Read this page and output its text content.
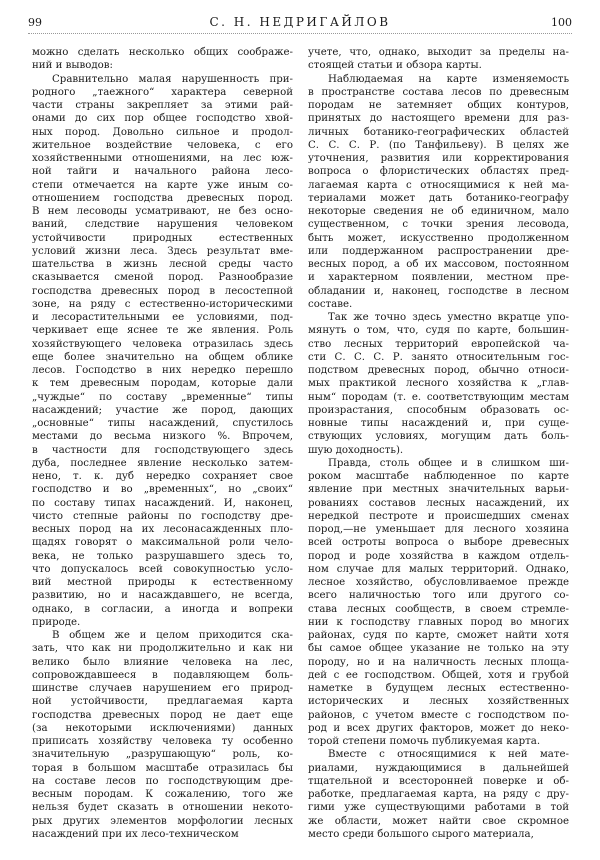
99	С. Н. НЕДРИГАЙЛОВ	100
можно сделать несколько общих соображе-
ний и выводов:
Сравнительно малая нарушенность при-
родного „таежного“ характера северной
части страны закрепляет за этими рай-
онами до сих пор общее господство хвой-
ных пород. Довольно сильное и продол-
жительное воздействие человека, с его
хозяйственными отношениями, на лес юж-
ной тайги и начального района лесо-
степи отмечается на карте уже иным со-
отношением господства древесных пород.
В нем лесоводы усматривают, не без осно-
ваний, следствие нарушения человеком
устойчивости природных естественных
условий жизни леса. Здесь результат вме-
шательства в жизнь лесной среды часто
сказывается сменой пород. Разнообразие
господства древесных пород в лесостепной
зоне, на ряду с естественно-историческими
и лесорастительными ее условиями, под-
черкивает еще яснее те же явления. Роль
хозяйствующего человека отразилась здесь
еще более значительно на общем облике
лесов. Господство в них нередко перешло
к тем древесным породам, которые дали
„чуждые“ по составу „временные“ типы
насаждений; участие же пород, дающих
„основные“ типы насаждений, спустилось
местами до весьма низкого %. Впрочем,
в частности для господствующего здесь
дуба, последнее явление несколько затем-
нено, т. к. дуб нередко сохраняет свое
господство и во „временных“, но „своих“
по составу типах насаждений. И, наконец,
чисто степные районы по господству дре-
весных пород на их лесонасажденных пло-
щадях говорят о максимальной роли чело-
века, не только разрушавшего здесь то,
что допускалось всей совокупностью усло-
вий местной природы к естественному
развитию, но и насаждавшего, не всегда,
однако, в согласии, а иногда и вопреки
природе.
В общем же и целом приходится ска-
зать, что как ни продолжительно и как ни
велико было влияние человека на лес,
сопровождавшееся в подавляющем боль-
шинстве случаев нарушением его природ-
ной устойчивости, предлагаемая карта
господства древесных пород не дает еще
(за некоторыми исключениями) данных
приписать хозяйству человека ту особенно
значительную „разрушающую“ роль, ко-
торая в большом масштабе отразилась бы
на составе лесов по господствующим дре-
весным породам. К сожалению, того же
нельзя будет сказать в отношении некото-
рых других элементов морфологии лесных
насаждений при их лесо-техническом
учете, что, однако, выходит за пределы на-
стоящей статьи и обзора карты.
Наблюдаемая на карте изменяемость
в пространстве состава лесов по древесным
породам не затемняет общих контуров,
принятых до настоящего времени для раз-
личных ботанико-географических областей
С. С. С. Р. (по Танфильеву). В целях же
уточнения, развития или корректирования
вопроса о флористических областях пред-
лагаемая карта с относящимися к ней ма-
териалами может дать ботанико-географу
некоторые сведения не об единичном, мало
существенном, с точки зрения лесовода,
быть может, искусственно продолженном
или поддержанном распространении дре-
весных пород, а об их массовом, постоянном
и характерном появлении, местном пре-
обладании и, наконец, господстве в лесном
составе.
Так же точно здесь уместно вкратце упо-
мянуть о том, что, судя по карте, большин-
ство лесных территорий европейской ча-
сти С. С. С. Р. занято относительным гос-
подством древесных пород, обычно относи-
мых практикой лесного хозяйства к „глав-
ным“ породам (т. е. соответствующим местам
произрастания, способным образовать ос-
новные типы насаждений и, при суще-
ствующих условиях, могущим дать боль-
шую доходность).
Правда, столь общее и в слишком ши-
роком масштабе наблюденное по карте
явление при местных значительных варьи-
рованиях составов лесных насаждений, их
нередкой пестроте и происшедших сменах
пород,—не уменьшает для лесного хозяина
всей остроты вопроса о выборе древесных
пород и роде хозяйства в каждом отдель-
ном случае для малых территорий. Однако,
лесное хозяйство, обусловливаемое прежде
всего наличностью того или другого со-
става лесных сообществ, в своем стремле-
нии к господству главных пород во многих
районах, судя по карте, сможет найти хотя
бы самое общее указание не только на эту
породу, но и на наличность лесных площа-
дей с ее господством. Общей, хотя и грубой
наметке в будущем лесных естественно-
исторических и лесных хозяйственных
районов, с учетом вместе с господством по-
род и всех других факторов, может до неко-
торой степени помочь публикуемая карта.
Вместе с относящимися к ней мате-
риалами, нуждающимися в дальнейшей
тщательной и всесторонней поверке и об-
работке, предлагаемая карта, на ряду с дру-
гими уже существующими работами в той
же области, может найти свое скромное
место среди большого сырого материала,
